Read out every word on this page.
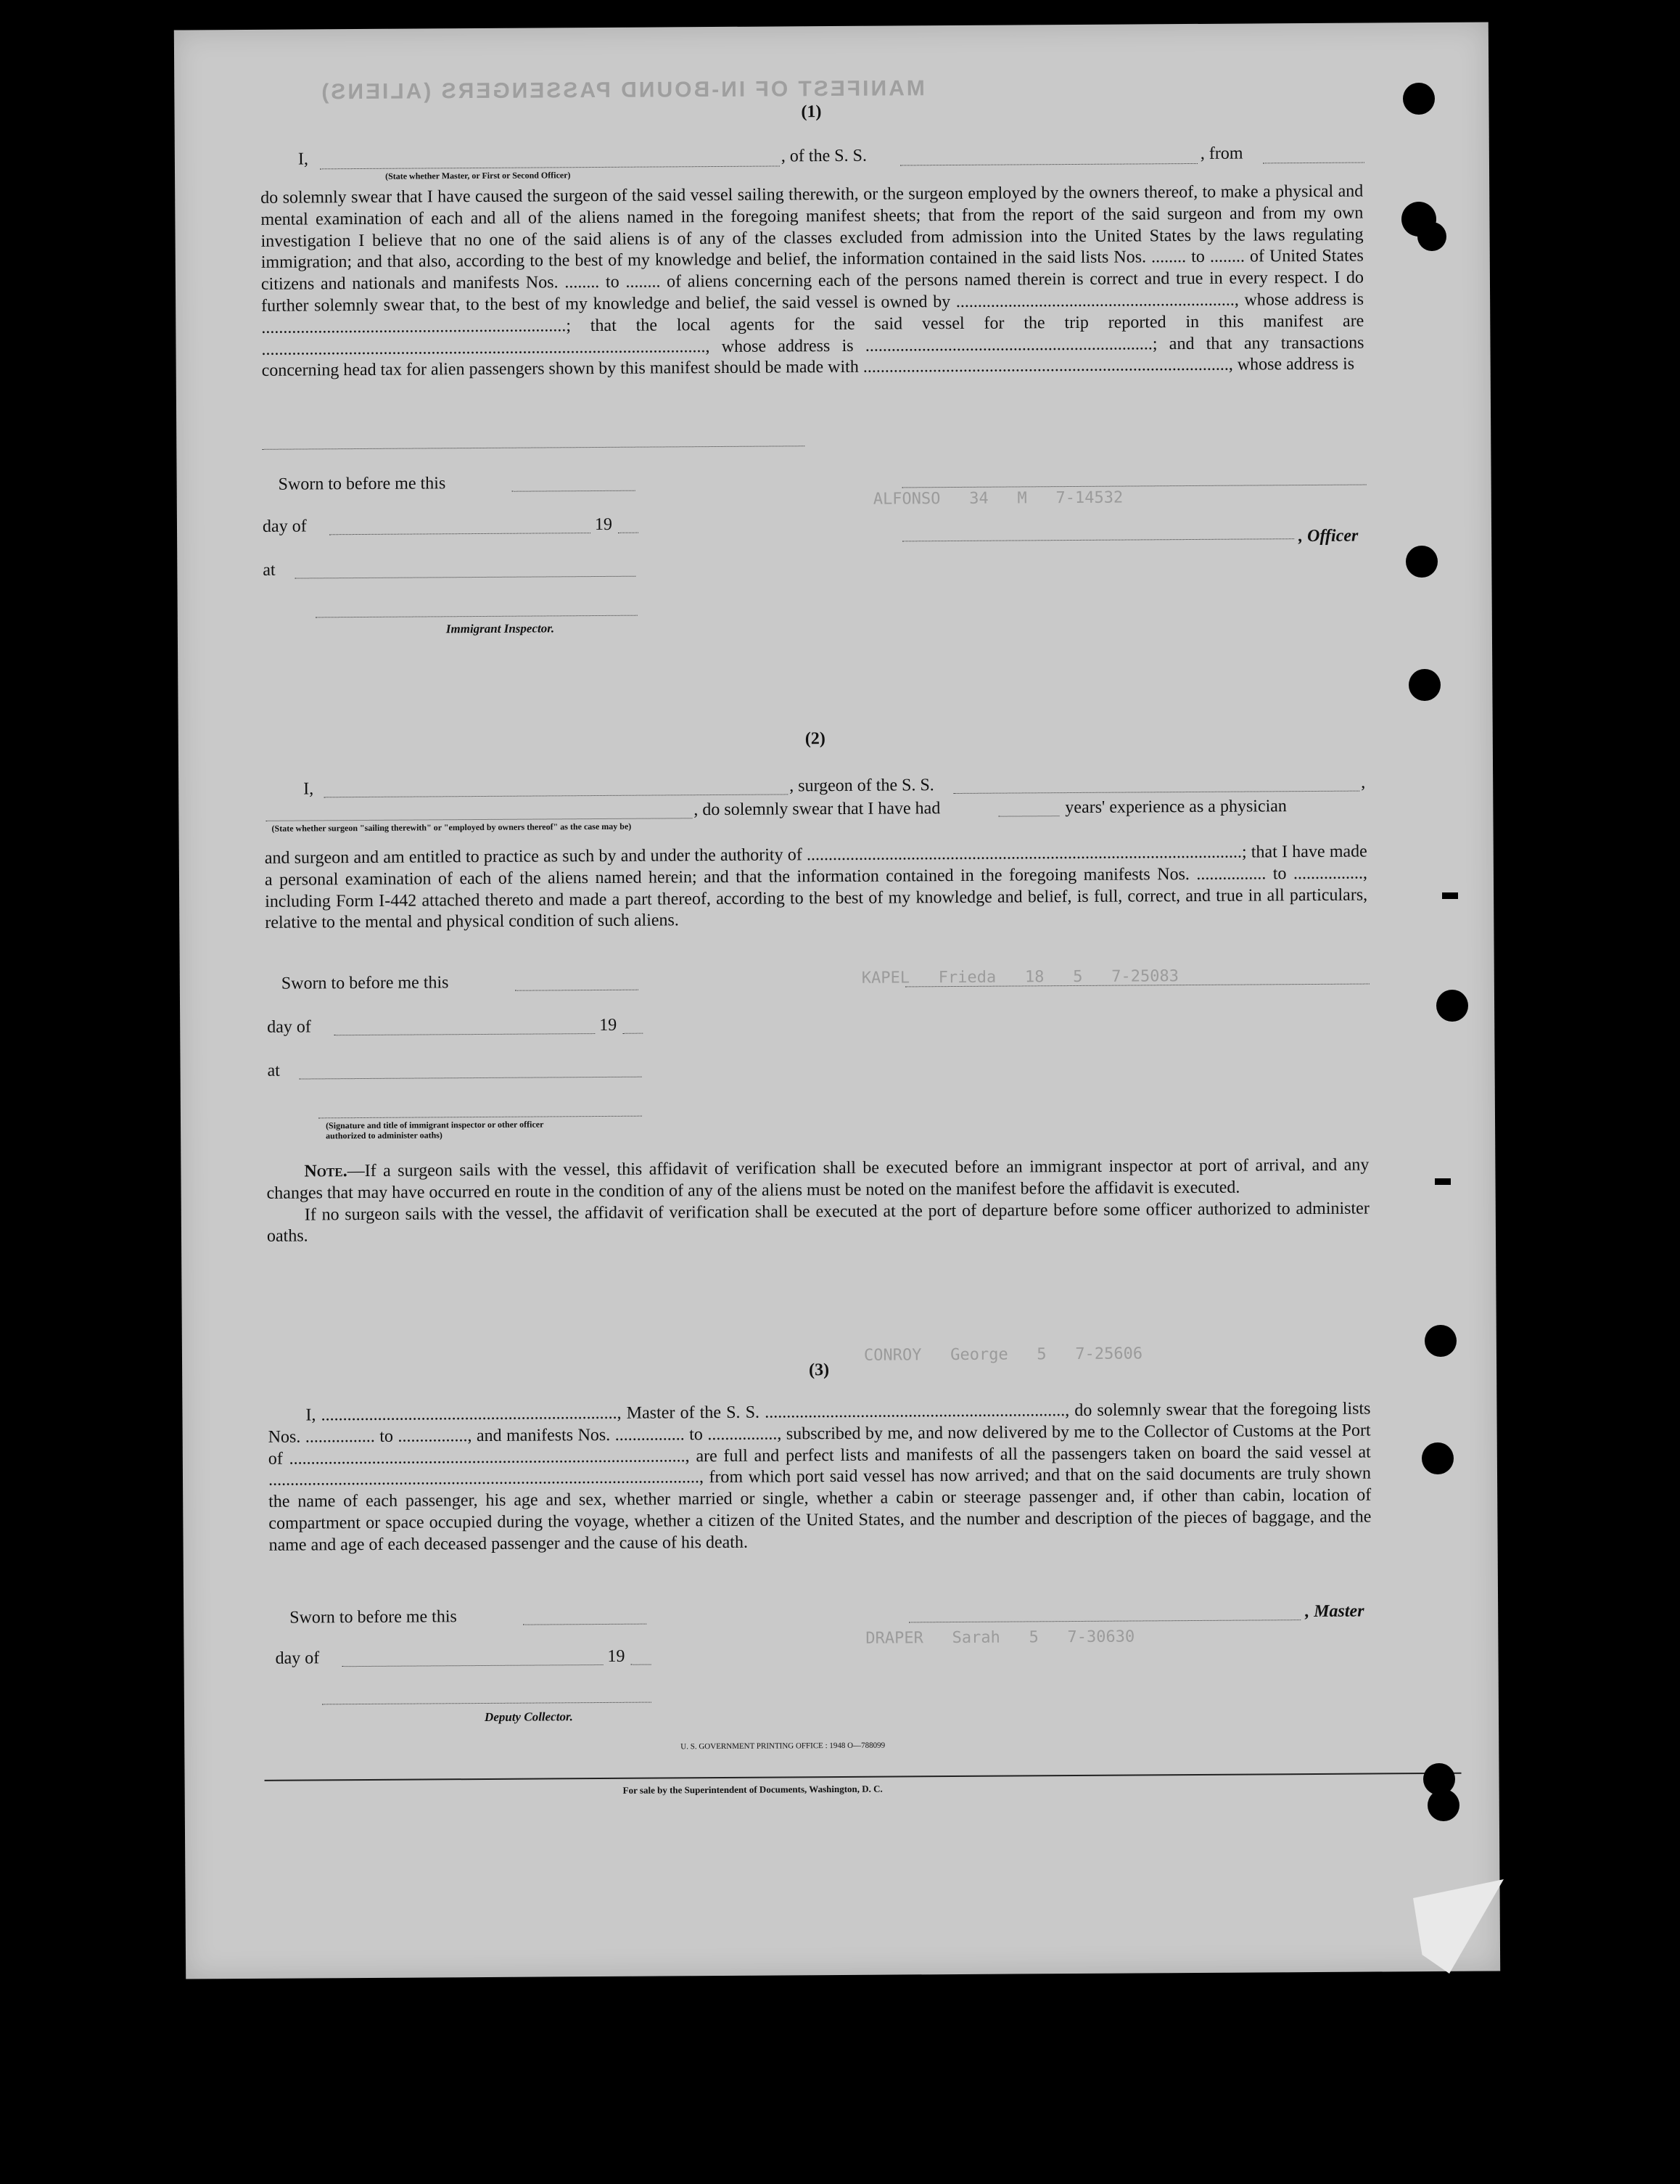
MANIFEST OF IN-BOUND PASSENGERS (ALIENS)
ALFONSO   34   M   7-14532
KAPEL   Frieda   18   5   7-25083
CONROY   George   5   7-25606
DRAPER   Sarah   5   7-30630
(1)
I,	, of the S. S.	, from
(State whether Master, or First or Second Officer)

do solemnly swear that I have caused the surgeon of the said vessel sailing therewith, or the surgeon employed by the owners thereof, to make a physical and mental examination of each and all of the aliens named in the foregoing manifest sheets; that from the report of the said surgeon and from my own investigation I believe that no one of the said aliens is of any of the classes excluded from admission into the United States by the laws regulating immigration; and that also, according to the best of my knowledge and belief, the information contained in the said lists Nos. ........ to ........ of United States citizens and nationals and manifests Nos. ........ to ........ of aliens concerning each of the persons named therein is correct and true in every respect. I do further solemnly swear that, to the best of my knowledge and belief, the said vessel is owned by ................................................................, whose address is ......................................................................; that the local agents for the said vessel for the trip reported in this manifest are ......................................................................................................, whose address is ..................................................................; and that any transactions concerning head tax for alien passengers shown by this manifest should be made with ...................................................................................., whose address is

Sworn to before me this
day of	19
, Officer
at
Immigrant Inspector.
(2)
I,	, surgeon of the S. S.	,
, do solemnly swear that I have had	years' experience as a physician
(State whether surgeon "sailing therewith" or "employed by owners thereof" as the case may be)

and surgeon and am entitled to practice as such by and under the authority of ....................................................................................................; that I have made a personal examination of each of the aliens named herein; and that the information contained in the foregoing manifests Nos. ................ to ................, including Form I-442 attached thereto and made a part thereof, according to the best of my knowledge and belief, is full, correct, and true in all particulars, relative to the mental and physical condition of such aliens.

Sworn to before me this
day of	19
at
(Signature and title of immigrant inspector or other officer authorized to administer oaths)

Note.—If a surgeon sails with the vessel, this affidavit of verification shall be executed before an immigrant inspector at port of arrival, and any changes that may have occurred en route in the condition of any of the aliens must be noted on the manifest before the affidavit is executed.

If no surgeon sails with the vessel, the affidavit of verification shall be executed at the port of departure before some officer authorized to administer oaths.

(3)

I, ...................................................................., Master of the S. S. ....................................................................., do solemnly swear that the foregoing lists Nos. ................ to ................, and manifests Nos. ................ to ................, subscribed by me, and now delivered by me to the Collector of Customs at the Port of ..........................................................................................., are full and perfect lists and manifests of all the passengers taken on board the said vessel at ..................................................................................................., from which port said vessel has now arrived; and that on the said documents are truly shown the name of each passenger, his age and sex, whether married or single, whether a cabin or steerage passenger and, if other than cabin, location of compartment or space occupied during the voyage, whether a citizen of the United States, and the number and description of the pieces of baggage, and the name and age of each deceased passenger and the cause of his death.

Sworn to before me this	, Master
day of	19
Deputy Collector.
U. S. GOVERNMENT PRINTING OFFICE : 1948 O—788099
For sale by the Superintendent of Documents, Washington, D. C.
